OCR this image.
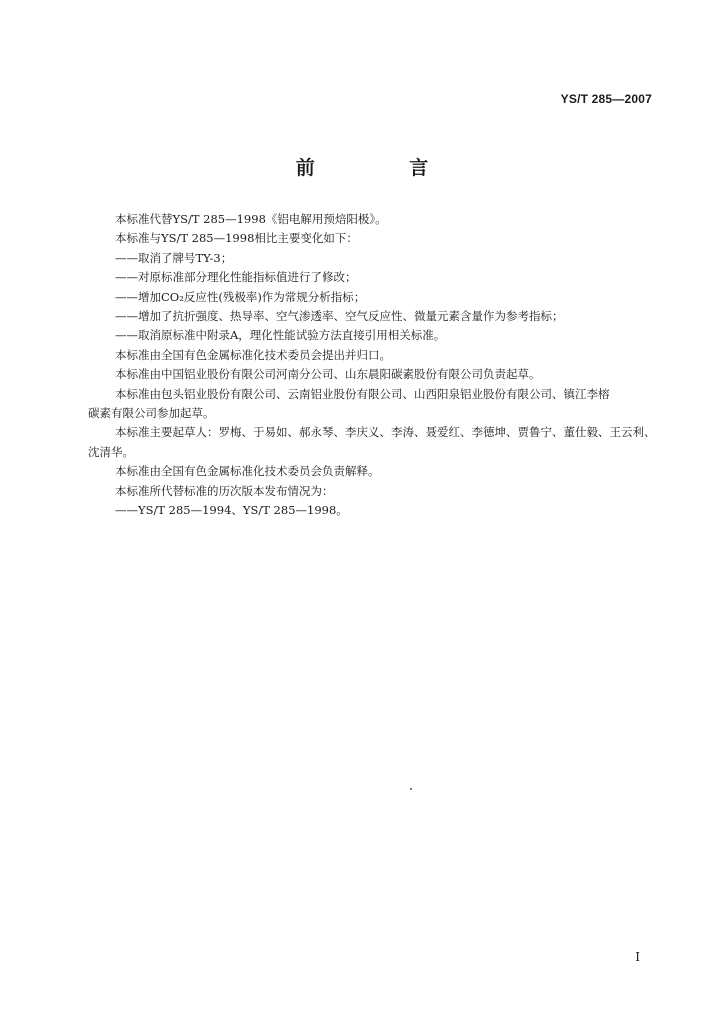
YS/T 285—2007
前 言
本标准代替YS/T 285—1998《铝电解用预焙阳极》。
本标准与YS/T 285—1998相比主要变化如下：
——取消了牌号TY-3；
——对原标准部分理化性能指标值进行了修改；
——增加CO₂反应性(残极率)作为常规分析指标；
——增加了抗折强度、热导率、空气渗透率、空气反应性、微量元素含量作为参考指标；
——取消原标准中附录A，理化性能试验方法直接引用相关标准。
本标准由全国有色金属标准化技术委员会提出并归口。
本标准由中国铝业股份有限公司河南分公司、山东晨阳碳素股份有限公司负责起草。
本标准由包头铝业股份有限公司、云南铝业股份有限公司、山西阳泉铝业股份有限公司、镇江李榕
碳素有限公司参加起草。
本标准主要起草人：罗梅、于易如、郝永琴、李庆义、李涛、聂爱红、李德坤、贾鲁宁、董仕毅、王云利、
沈清华。
本标准由全国有色金属标准化技术委员会负责解释。
本标准所代替标准的历次版本发布情况为：
——YS/T 285—1994、YS/T 285—1998。
I
